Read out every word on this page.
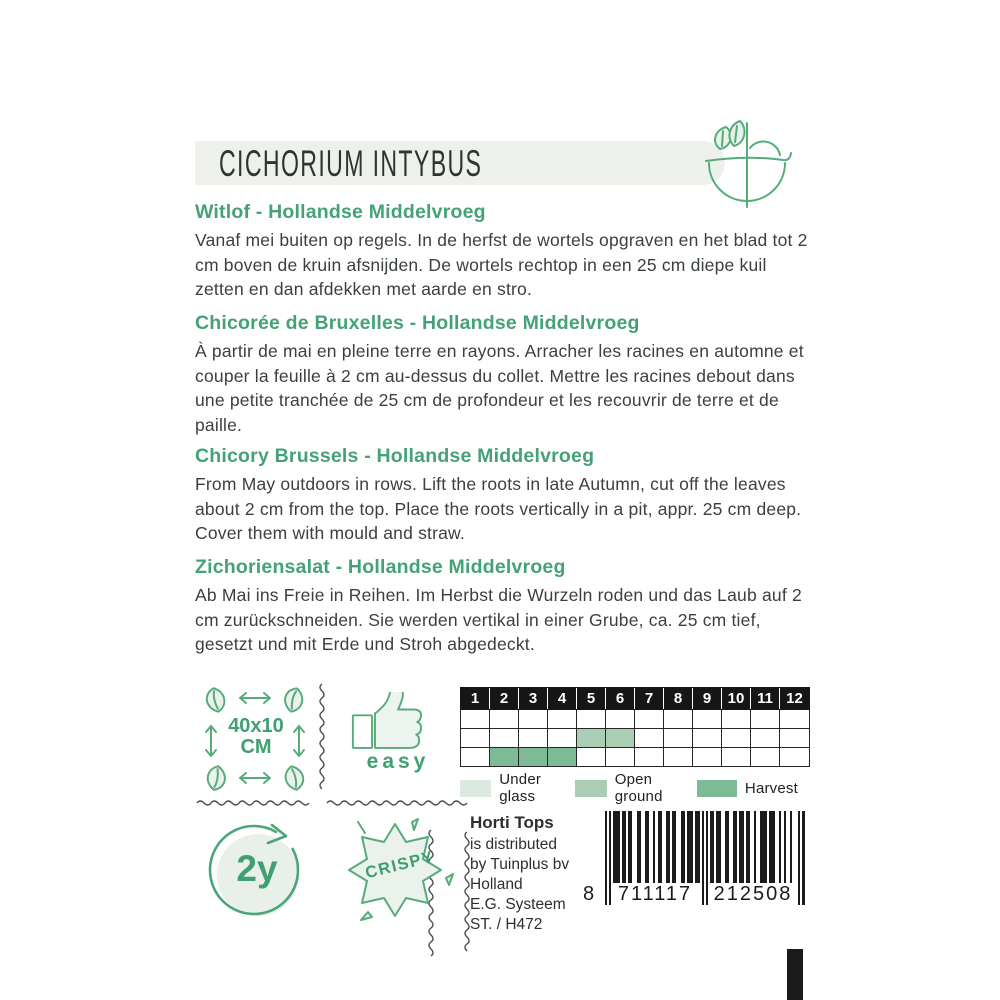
CICHORIUM INTYBUS

Witlof - Hollandse Middelvroeg

Vanaf mei buiten op regels. In de herfst de wortels opgraven en het blad tot 2 cm boven de kruin afsnijden. De wortels rechtop in een 25 cm diepe kuil zetten en dan afdekken met aarde en stro.

Chicorée de Bruxelles - Hollandse Middelvroeg

À partir de mai en pleine terre en rayons. Arracher les racines en automne et couper la feuille à 2 cm au-dessus du collet. Mettre les racines debout dans une petite tranchée de 25 cm de profondeur et les recouvrir de terre et de paille.

Chicory Brussels - Hollandse Middelvroeg

From May outdoors in rows. Lift the roots in late Autumn, cut off the leaves about 2 cm from the top. Place the roots vertically in a pit, appr. 25 cm deep. Cover them with mould and straw.

Zichoriensalat - Hollandse Middelvroeg

Ab Mai ins Freie in Reihen. Im Herbst die Wurzeln roden und das Laub auf 2 cm zurückschneiden. Sie werden vertikal in einer Grube, ca. 25 cm tief, gesetzt und mit Erde und Stroh abgedeckt.

40x10
CM
easy
1	2	3	4	5	6	7	8	9	10 11 12
Under glass
Open ground	Harvest
2y	CRISPY
Horti Tops
is distributed
by Tuinplus bv
Holland
E.G. Systeem
ST. / H472
8 711117 212508
